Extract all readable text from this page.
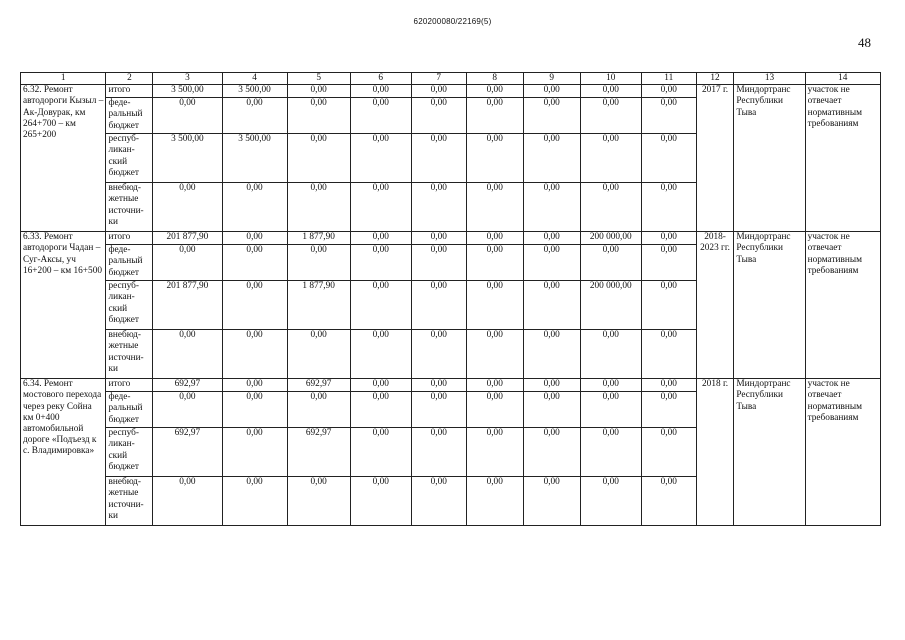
620200080/22169(5)
48
1	2	3	4	5	6	7	8	9	10	11	12	13	14
6.32. Ремонт автодороги Кызыл – Ак-Довурак, км 264+700 – км 265+200	итого	3 500,00	3 500,00	0,00	0,00	0,00	0,00	0,00	0,00	0,00	2017 г.	Миндортранс Республики Тыва	участок не отвечает нормативным требованиям
	феде-ральный бюджет	0,00	0,00	0,00	0,00	0,00	0,00	0,00	0,00	0,00			
	респуб-ликан-ский бюджет	3 500,00	3 500,00	0,00	0,00	0,00	0,00	0,00	0,00	0,00			
	внебюд-жетные источни-ки	0,00	0,00	0,00	0,00	0,00	0,00	0,00	0,00	0,00			
6.33. Ремонт автодороги Чадан – Суг-Аксы, уч 16+200 – км 16+500	итого	201 877,90	0,00	1 877,90	0,00	0,00	0,00	0,00	200 000,00	0,00	2018-2023 гг.	Миндортранс Республики Тыва	участок не отвечает нормативным требованиям
	феде-ральный бюджет	0,00	0,00	0,00	0,00	0,00	0,00	0,00	0,00	0,00			
	респуб-ликан-ский бюджет	201 877,90	0,00	1 877,90	0,00	0,00	0,00	0,00	200 000,00	0,00			
	внебюд-жетные источни-ки	0,00	0,00	0,00	0,00	0,00	0,00	0,00	0,00	0,00			
6.34. Ремонт мостового перехода через реку Сойна км 0+400 автомобильной дороге «Подъезд к с. Владимировка»	итого	692,97	0,00	692,97	0,00	0,00	0,00	0,00	0,00	0,00	2018 г.	Миндортранс Республики Тыва	участок не отвечает нормативным требованиям
	феде-ральный бюджет	0,00	0,00	0,00	0,00	0,00	0,00	0,00	0,00	0,00			
	респуб-ликан-ский бюджет	692,97	0,00	692,97	0,00	0,00	0,00	0,00	0,00	0,00			
	внебюд-жетные источни-ки	0,00	0,00	0,00	0,00	0,00	0,00	0,00	0,00	0,00			
